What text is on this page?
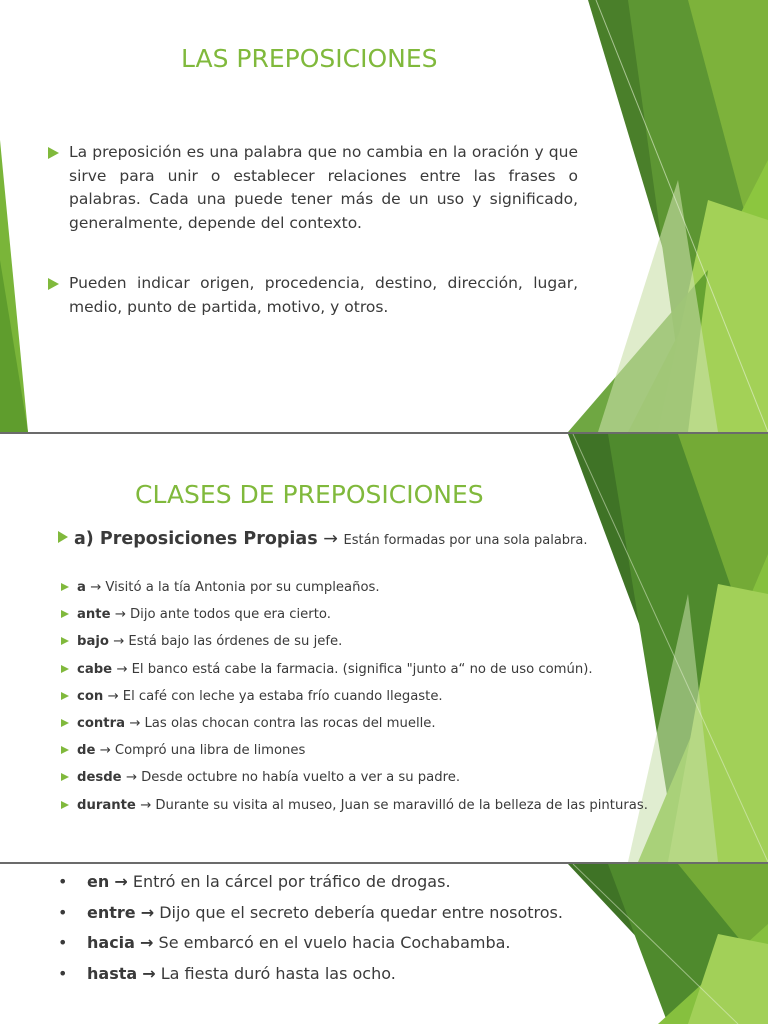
LAS PREPOSICIONES
La preposición es una palabra que no cambia en la oración y que sirve para unir o establecer relaciones entre las frases o palabras. Cada una puede tener más de un uso y significado, generalmente, depende del contexto.
Pueden indicar origen, procedencia, destino, dirección, lugar, medio, punto de partida, motivo, y otros.
CLASES DE PREPOSICIONES
a) Preposiciones Propias → Están formadas por una sola palabra.
a → Visitó a la tía Antonia por su cumpleaños.
ante → Dijo ante todos que era cierto.
bajo → Está bajo las órdenes de su jefe.
cabe → El banco está cabe la farmacia. (significa "junto a“ no de uso común).
con → El café con leche ya estaba frío cuando llegaste.
contra → Las olas chocan contra las rocas del muelle.
de → Compró una libra de limones
desde → Desde octubre no había vuelto a ver a su padre.
durante → Durante su visita al museo, Juan se maravilló de la belleza de las pinturas.
• en → Entró en la cárcel por tráfico de drogas.
• entre → Dijo que el secreto debería quedar entre nosotros.
• hacia → Se embarcó en el vuelo hacia Cochabamba.
• hasta → La fiesta duró hasta las ocho.
